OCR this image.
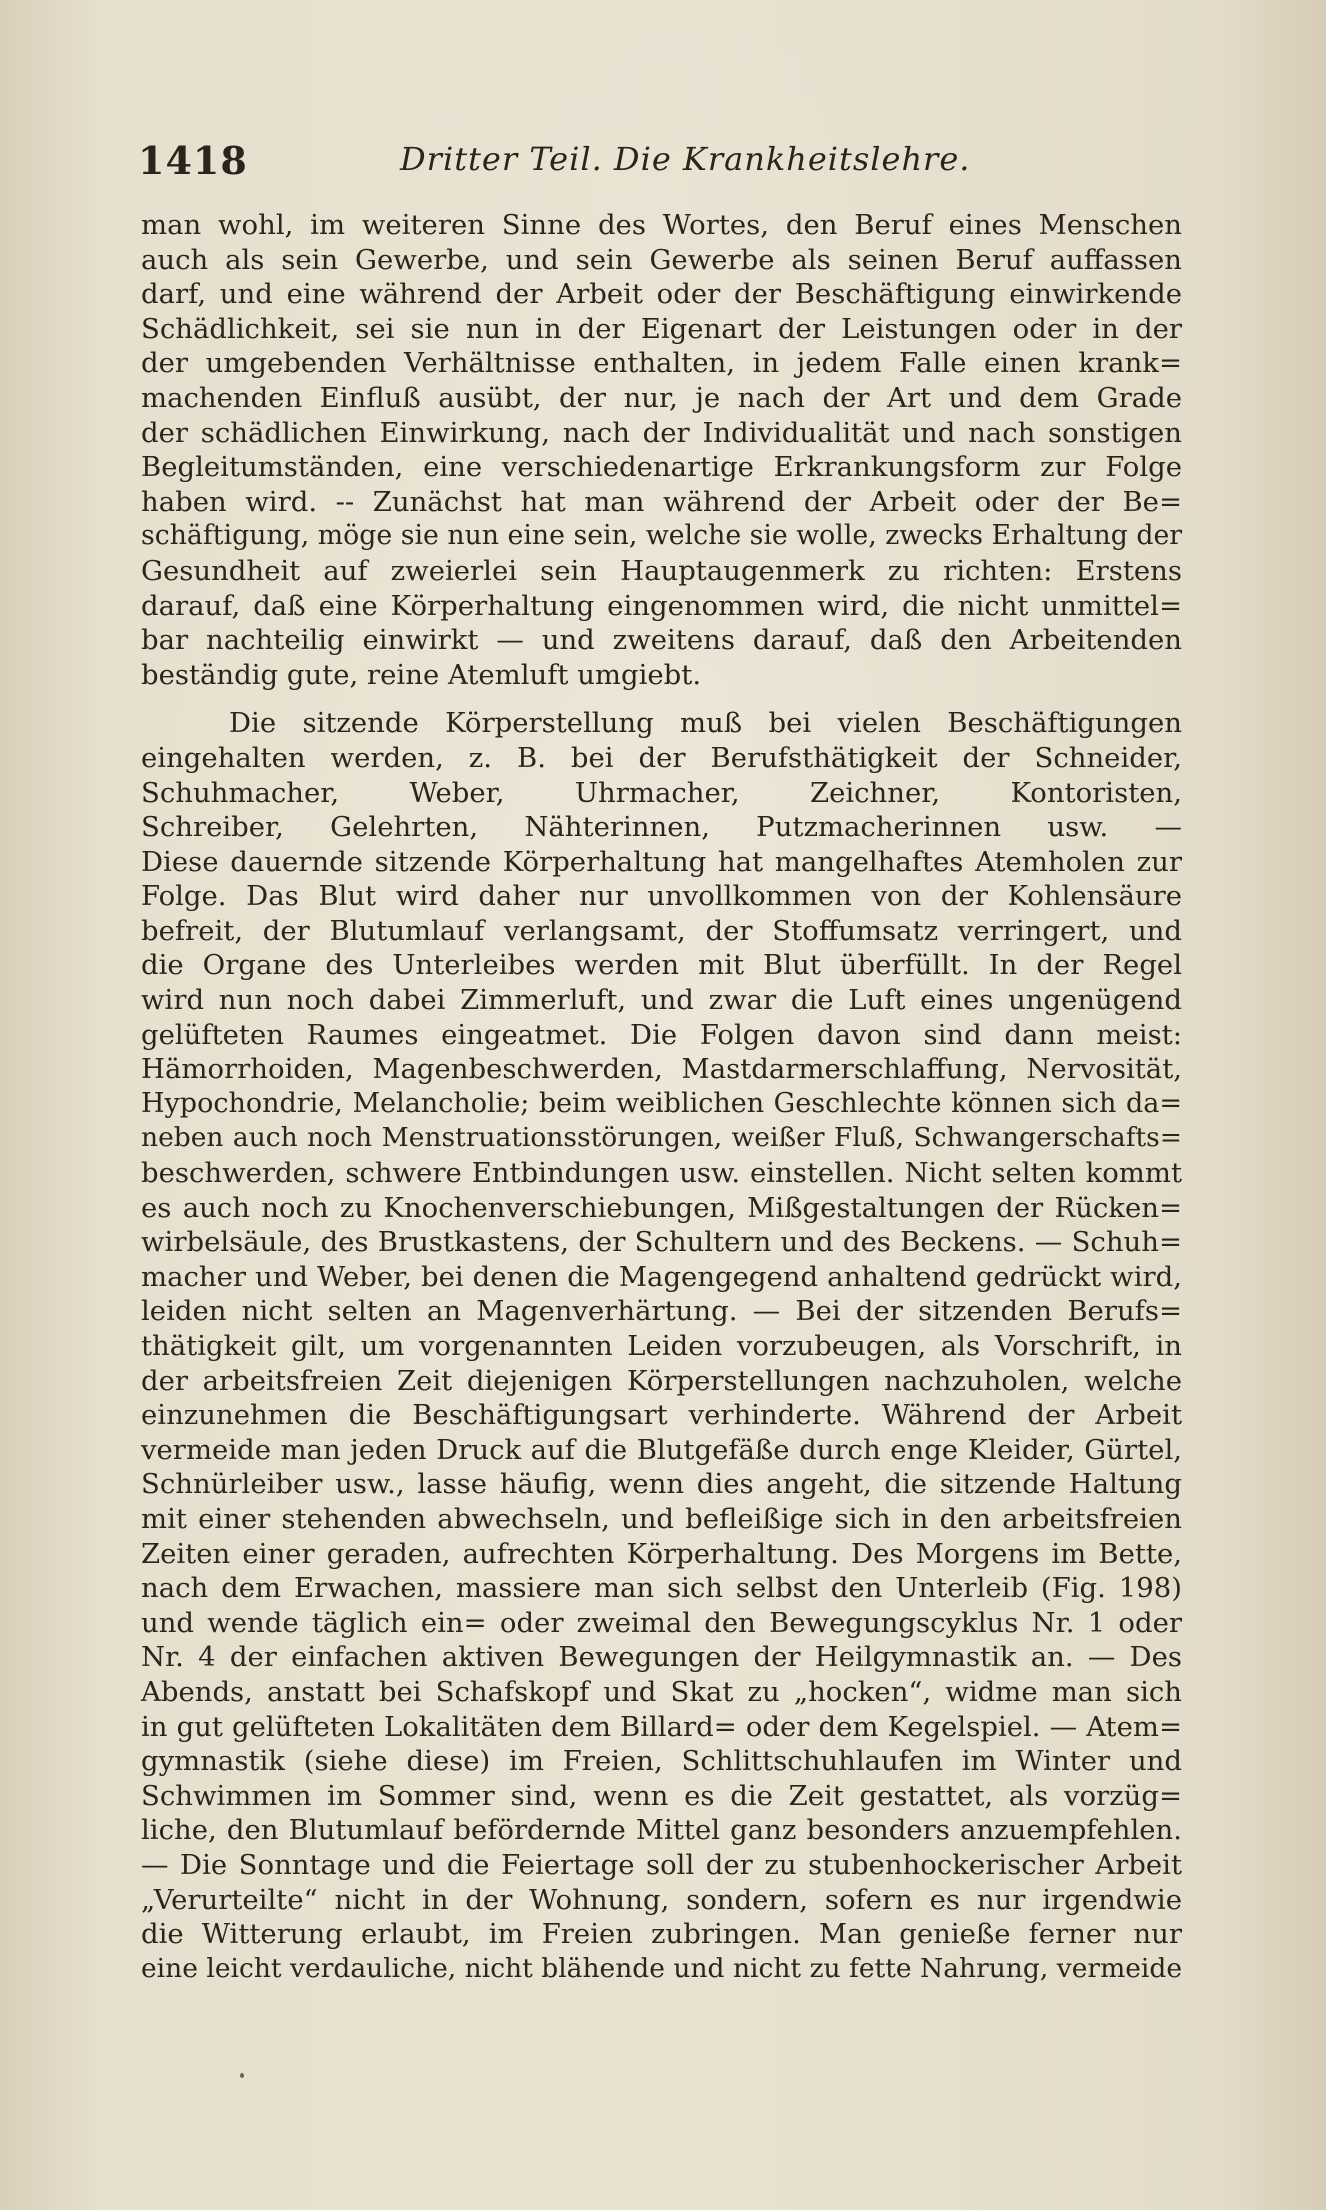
1418	Dritter Teil. Die Krankheitslehre.
man wohl, im weiteren Sinne des Wortes, den Beruf eines Menschen
auch als sein Gewerbe, und sein Gewerbe als seinen Beruf auffassen
darf, und eine während der Arbeit oder der Beschäftigung einwirkende
Schädlichkeit, sei sie nun in der Eigenart der Leistungen oder in der
der umgebenden Verhältnisse enthalten, in jedem Falle einen krank=
machenden Einfluß ausübt, der nur, je nach der Art und dem Grade
der schädlichen Einwirkung, nach der Individualität und nach sonstigen
Begleitumständen, eine verschiedenartige Erkrankungsform zur Folge
haben wird. -- Zunächst hat man während der Arbeit oder der Be=
schäftigung, möge sie nun eine sein, welche sie wolle, zwecks Erhaltung der
Gesundheit auf zweierlei sein Hauptaugenmerk zu richten: Erstens
darauf, daß eine Körperhaltung eingenommen wird, die nicht unmittel=
bar nachteilig einwirkt — und zweitens darauf, daß den Arbeitenden
beständig gute, reine Atemluft umgiebt.
Die sitzende Körperstellung muß bei vielen Beschäftigungen
eingehalten werden, z. B. bei der Berufsthätigkeit der Schneider,
Schuhmacher, Weber, Uhrmacher, Zeichner, Kontoristen,
Schreiber, Gelehrten, Nähterinnen, Putzmacherinnen usw. —
Diese dauernde sitzende Körperhaltung hat mangelhaftes Atemholen zur
Folge. Das Blut wird daher nur unvollkommen von der Kohlensäure
befreit, der Blutumlauf verlangsamt, der Stoffumsatz verringert, und
die Organe des Unterleibes werden mit Blut überfüllt. In der Regel
wird nun noch dabei Zimmerluft, und zwar die Luft eines ungenügend
gelüfteten Raumes eingeatmet. Die Folgen davon sind dann meist:
Hämorrhoiden, Magenbeschwerden, Mastdarmerschlaffung, Nervosität,
Hypochondrie, Melancholie; beim weiblichen Geschlechte können sich da=
neben auch noch Menstruationsstörungen, weißer Fluß, Schwangerschafts=
beschwerden, schwere Entbindungen usw. einstellen. Nicht selten kommt
es auch noch zu Knochenverschiebungen, Mißgestaltungen der Rücken=
wirbelsäule, des Brustkastens, der Schultern und des Beckens. — Schuh=
macher und Weber, bei denen die Magengegend anhaltend gedrückt wird,
leiden nicht selten an Magenverhärtung. — Bei der sitzenden Berufs=
thätigkeit gilt, um vorgenannten Leiden vorzubeugen, als Vorschrift, in
der arbeitsfreien Zeit diejenigen Körperstellungen nachzuholen, welche
einzunehmen die Beschäftigungsart verhinderte. Während der Arbeit
vermeide man jeden Druck auf die Blutgefäße durch enge Kleider, Gürtel,
Schnürleiber usw., lasse häufig, wenn dies angeht, die sitzende Haltung
mit einer stehenden abwechseln, und befleißige sich in den arbeitsfreien
Zeiten einer geraden, aufrechten Körperhaltung. Des Morgens im Bette,
nach dem Erwachen, massiere man sich selbst den Unterleib (Fig. 198)
und wende täglich ein= oder zweimal den Bewegungscyklus Nr. 1 oder
Nr. 4 der einfachen aktiven Bewegungen der Heilgymnastik an. — Des
Abends, anstatt bei Schafskopf und Skat zu „hocken“, widme man sich
in gut gelüfteten Lokalitäten dem Billard= oder dem Kegelspiel. — Atem=
gymnastik (siehe diese) im Freien, Schlittschuhlaufen im Winter und
Schwimmen im Sommer sind, wenn es die Zeit gestattet, als vorzüg=
liche, den Blutumlauf befördernde Mittel ganz besonders anzuempfehlen.
— Die Sonntage und die Feiertage soll der zu stubenhockerischer Arbeit
„Verurteilte“ nicht in der Wohnung, sondern, sofern es nur irgendwie
die Witterung erlaubt, im Freien zubringen. Man genieße ferner nur
eine leicht verdauliche, nicht blähende und nicht zu fette Nahrung, vermeide
